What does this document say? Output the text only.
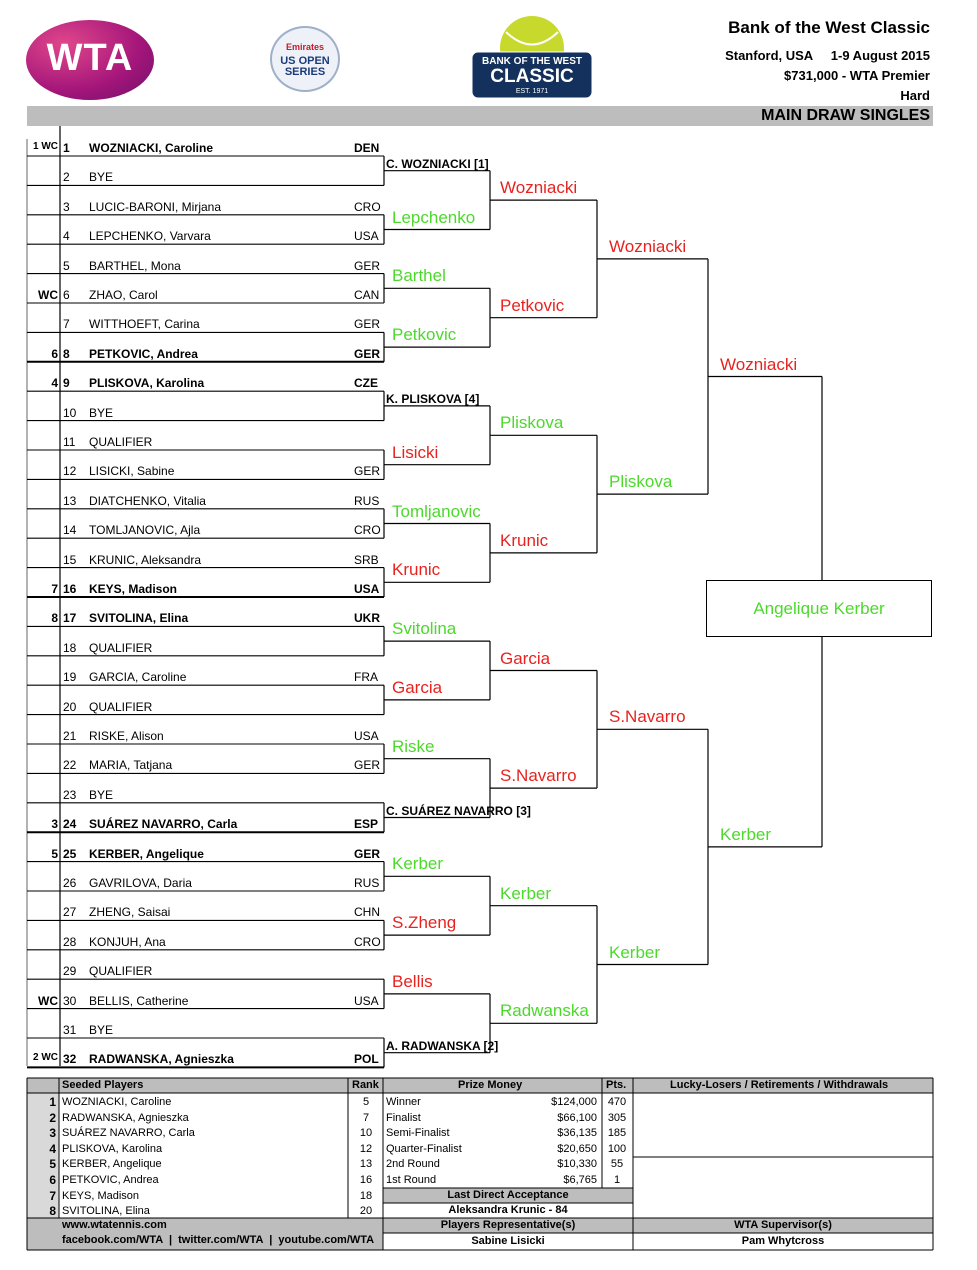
WTA	Emirates
US OPEN SERIES
BANK OF THE WEST
CLASSIC
EST. 1971
Bank of the West Classic
Stanford, USA     1-9 August 2015
$731,000 - WTA Premier
Hard
MAIN DRAW SINGLES
1 WC 1 WOZNIACKI, Caroline	DEN
2 BYE
3 LUCIC-BARONI, Mirjana	CRO
4 LEPCHENKO, Varvara	USA
5 BARTHEL, Mona	GER
WC 6 ZHAO, Carol	CAN
7 WITTHOEFT, Carina	GER
6 8 PETKOVIC, Andrea	GER
4 9 PLISKOVA, Karolina	CZE
10 BYE
11 QUALIFIER
12 LISICKI, Sabine	GER
13 DIATCHENKO, Vitalia	RUS
14 TOMLJANOVIC, Ajla	CRO
15 KRUNIC, Aleksandra	SRB
7 16 KEYS, Madison	USA
8 17 SVITOLINA, Elina	UKR
18 QUALIFIER
19 GARCIA, Caroline	FRA
20 QUALIFIER
21 RISKE, Alison	USA
22 MARIA, Tatjana	GER
23 BYE
3 24 SUÁREZ NAVARRO, Carla	ESP
5 25 KERBER, Angelique	GER
26 GAVRILOVA, Daria	RUS
27 ZHENG, Saisai	CHN
28 KONJUH, Ana	CRO
29 QUALIFIER
WC 30 BELLIS, Catherine	USA
31 BYE
2 WC 32 RADWANSKA, Agnieszka	POL
C. WOZNIACKI [1]
Lepchenko
Barthel
Petkovic
K. PLISKOVA [4]
Lisicki
Tomljanovic
Krunic
Svitolina
Garcia
Riske
C. SUÁREZ NAVARRO [3]
Kerber
S.Zheng
Bellis
A. RADWANSKA [2]
Wozniacki
Petkovic
Pliskova
Krunic
Garcia
S.Navarro
Kerber
Radwanska
Wozniacki
Pliskova
S.Navarro
Kerber
Wozniacki
Kerber
Angelique Kerber
Seeded Players	Rank	Prize Money	Pts.	Lucky-Losers / Retirements / Withdrawals
1 WOZNIACKI, Caroline	5
2 RADWANSKA, Agnieszka	7
3 SUÁREZ NAVARRO, Carla	10
4 PLISKOVA, Karolina	12
5 KERBER, Angelique	13
6 PETKOVIC, Andrea	16
7 KEYS, Madison	18
8 SVITOLINA, Elina	20
Winner	$124,000 470
Finalist	$66,100 305
Semi-Finalist	$36,135 185
Quarter-Finalist	$20,650 100
2nd Round	$10,330	55
1st Round	$6,765	1
Last Direct Acceptance
Aleksandra Krunic - 84
Players Representative(s)
Sabine Lisicki
WTA Supervisor(s)
Pam Whytcross
www.wtatennis.com
facebook.com/WTA  |  twitter.com/WTA  |  youtube.com/WTA
